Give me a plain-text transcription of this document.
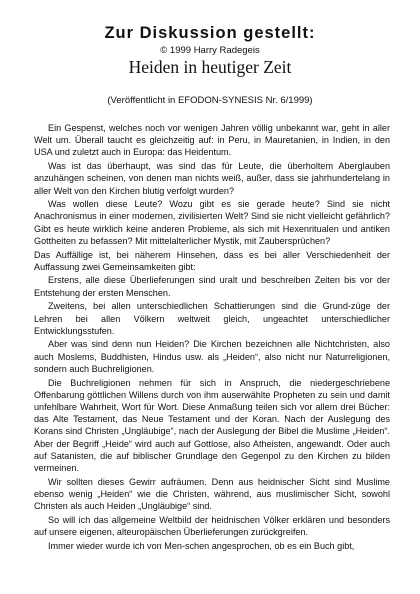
Zur Diskussion gestellt:
© 1999 Harry Radegeis
Heiden in heutiger Zeit
(Veröffentlicht in EFODON-SYNESIS Nr. 6/1999)

Ein Gespenst, welches noch vor wenigen Jahren völlig unbekannt war, geht in aller Welt um. Überall taucht es gleichzeitig auf: in Peru, in Mauretanien, in Indien, in den USA und zuletzt auch in Europa: das Heidentum.

Was ist das überhaupt, was sind das für Leute, die überholtem Aberglauben anzuhängen scheinen, von denen man nichts weiß, außer, dass sie jahrhundertelang in aller Welt von den Kirchen blutig verfolgt wurden?

Was wollen diese Leute? Wozu gibt es sie gerade heute? Sind sie nicht Anachronismus in einer modernen, zivilisierten Welt? Sind sie nicht vielleicht gefährlich? Gibt es heute wirklich keine anderen Probleme, als sich mit Hexenritualen und antiken Gottheiten zu befassen? Mit mittelalterlicher Mystik, mit Zaubersprüchen?

Das Auffällige ist, bei näherem Hinsehen, dass es bei aller Verschiedenheit der Auffassung zwei Gemeinsamkeiten gibt:

Erstens, alle diese Überlieferungen sind uralt und beschreiben Zeiten bis vor der Entstehung der ersten Menschen.

Zweitens, bei allen unterschiedlichen Schattierungen sind die Grund-züge der Lehren bei allen Völkern weltweit gleich, ungeachtet unterschiedlicher Entwicklungsstufen.

Aber was sind denn nun Heiden? Die Kirchen bezeichnen alle Nichtchristen, also auch Moslems, Buddhisten, Hindus usw. als „Heiden“, also nicht nur Naturreligionen, sondern auch Buchreligionen.

Die Buchreligionen nehmen für sich in Anspruch, die niedergeschriebene Offenbarung göttlichen Willens durch von ihm auserwählte Propheten zu sein und damit unfehlbare Wahrheit, Wort für Wort. Diese Anmaßung teilen sich vor allem drei Bücher: das Alte Testament, das Neue Testament und der Koran. Nach der Auslegung des Korans sind Christen „Ungläubige“, nach der Auslegung der Bibel die Muslime „Heiden“. Aber der Begriff „Heide“ wird auch auf Gottlose, also Atheisten, angewandt. Oder auch auf Satanisten, die auf biblischer Grundlage den Gegenpol zu den Kirchen zu bilden vermeinen.

Wir sollten dieses Gewirr aufräumen. Denn aus heidnischer Sicht sind Muslime ebenso wenig „Heiden“ wie die Christen, während, aus muslimischer Sicht, sowohl Christen als auch Heiden „Ungläubige“ sind.

So will ich das allgemeine Weltbild der heidnischen Völker erklären und besonders auf unsere eigenen, alteuropäischen Überlieferungen zurückgreifen.

Immer wieder wurde ich von Men-schen angesprochen, ob es ein Buch gibt,
